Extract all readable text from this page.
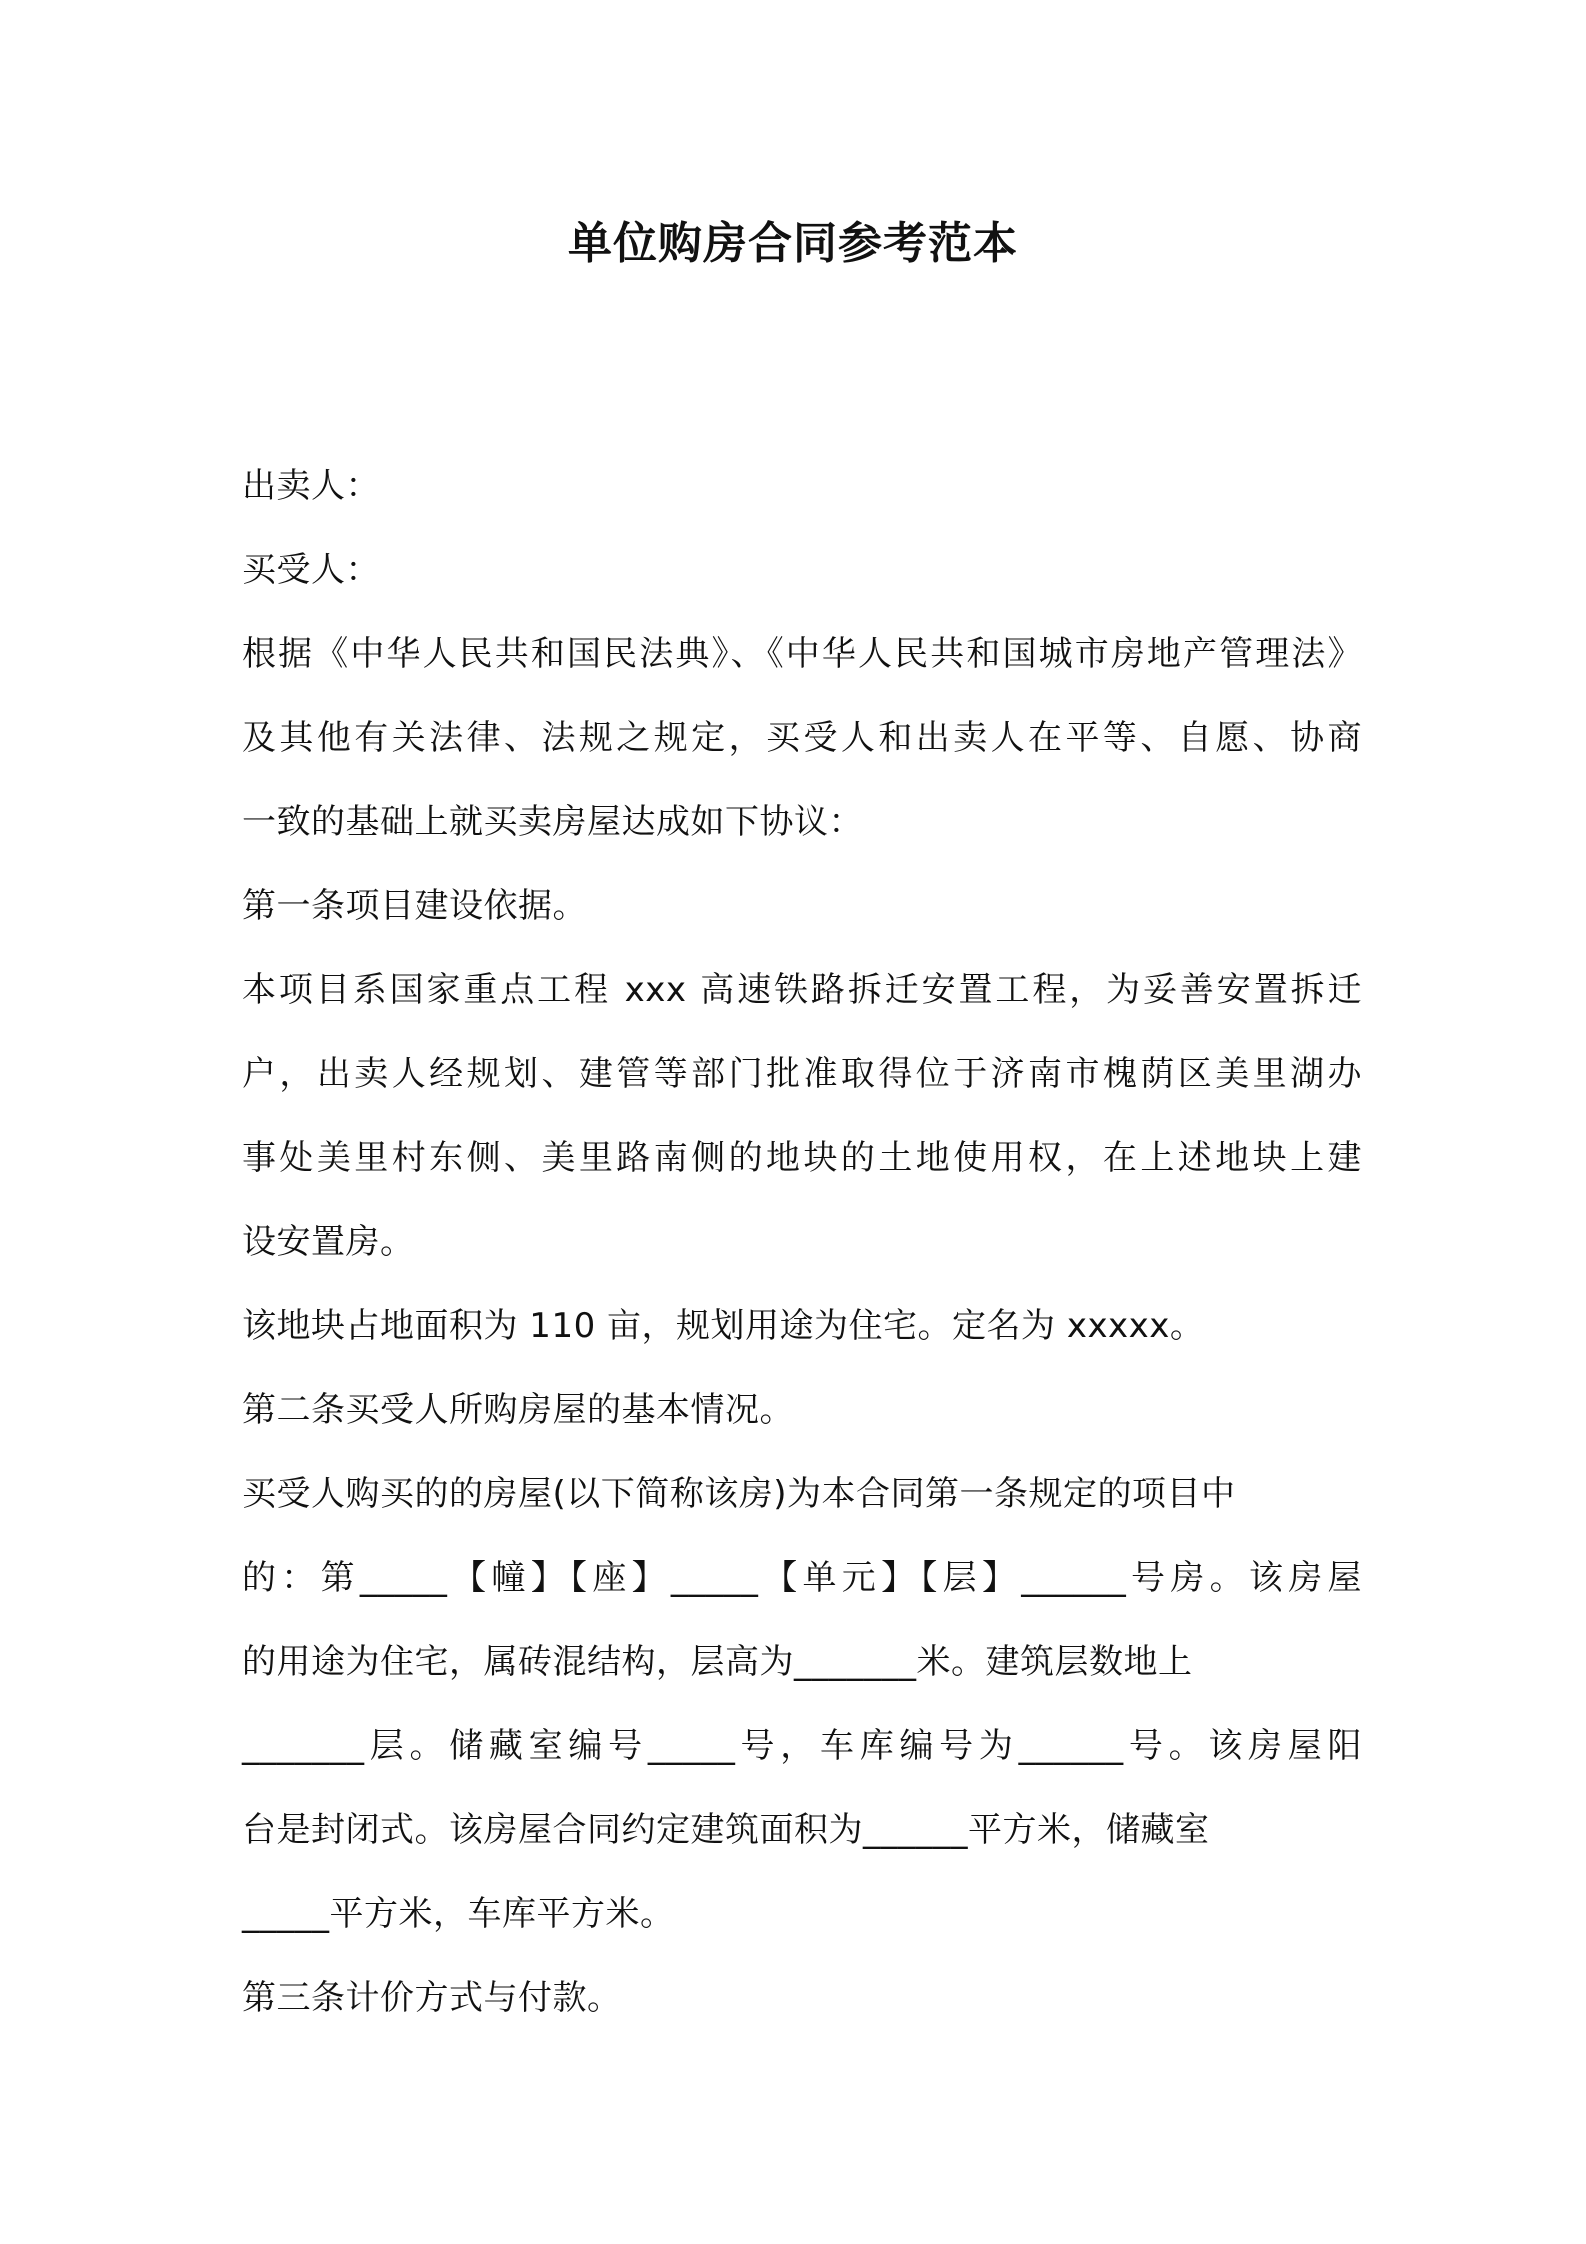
单位购房合同参考范本
出卖人：
买受人：
根据《中华人民共和国民法典》、《中华人民共和国城市房地产管理法》
及其他有关法律、法规之规定，买受人和出卖人在平等、自愿、协商
一致的基础上就买卖房屋达成如下协议：
第一条项目建设依据。
本项目系国家重点工程 xxx 高速铁路拆迁安置工程，为妥善安置拆迁
户，出卖人经规划、建管等部门批准取得位于济南市槐荫区美里湖办
事处美里村东侧、美里路南侧的地块的土地使用权，在上述地块上建
设安置房。
该地块占地面积为 110 亩，规划用途为住宅。定名为 xxxxx。
第二条买受人所购房屋的基本情况。
买受人购买的的房屋(以下简称该房)为本合同第一条规定的项目中
的：第_____【幢】【座】_____【单元】【层】______号房。该房屋
的用途为住宅，属砖混结构，层高为_______米。建筑层数地上
_______层。储藏室编号_____号，车库编号为______号。该房屋阳
台是封闭式。该房屋合同约定建筑面积为______平方米，储藏室
_____平方米，车库平方米。
第三条计价方式与付款。
